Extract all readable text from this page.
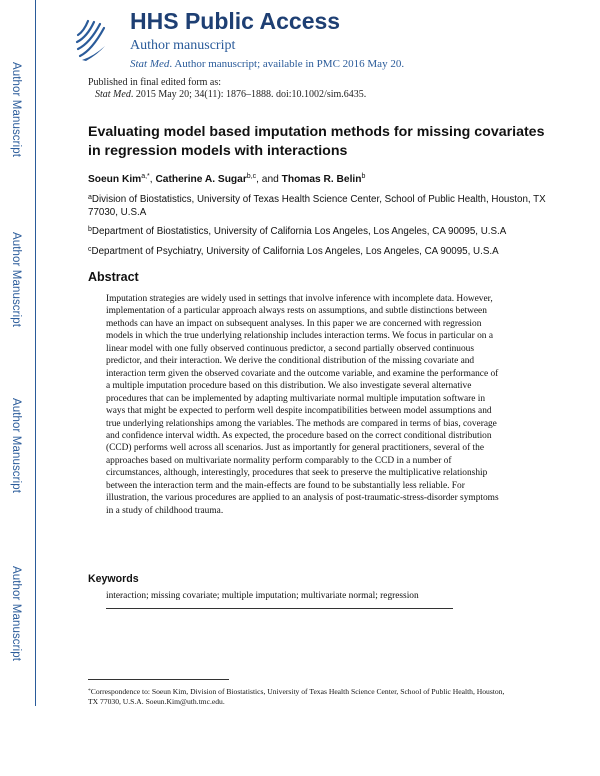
Author Manuscript
Author Manuscript
Author Manuscript
Author Manuscript
HHS Public Access
Author manuscript
Stat Med. Author manuscript; available in PMC 2016 May 20.
Published in final edited form as:
Stat Med. 2015 May 20; 34(11): 1876–1888. doi:10.1002/sim.6435.
Evaluating model based imputation methods for missing covariates in regression models with interactions
Soeun Kim$^{a,*}$, Catherine A. Sugar$^{b,c}$, and Thomas R. Belin$^b$
$^a$Division of Biostatistics, University of Texas Health Science Center, School of Public Health, Houston, TX 77030, U.S.A
$^b$Department of Biostatistics, University of California Los Angeles, Los Angeles, CA 90095, U.S.A
$^c$Department of Psychiatry, University of California Los Angeles, Los Angeles, CA 90095, U.S.A
Abstract
Imputation strategies are widely used in settings that involve inference with incomplete data. However, implementation of a particular approach always rests on assumptions, and subtle distinctions between methods can have an impact on subsequent analyses. In this paper we are concerned with regression models in which the true underlying relationship includes interaction terms. We focus in particular on a linear model with one fully observed continuous predictor, a second partially observed continuous predictor, and their interaction. We derive the conditional distribution of the missing covariate and interaction term given the observed covariate and the outcome variable, and examine the performance of a multiple imputation procedure based on this distribution. We also investigate several alternative procedures that can be implemented by adapting multivariate normal multiple imputation software in ways that might be expected to perform well despite incompatibilities between model assumptions and true underlying relationships among the variables. The methods are compared in terms of bias, coverage and confidence interval width. As expected, the procedure based on the correct conditional distribution (CCD) performs well across all scenarios. Just as importantly for general practitioners, several of the approaches based on multivariate normality perform comparably to the CCD in a number of circumstances, although, interestingly, procedures that seek to preserve the multiplicative relationship between the interaction term and the main-effects are found to be substantially less reliable. For illustration, the various procedures are applied to an analysis of post-traumatic-stress-disorder symptoms in a study of childhood trauma.
Keywords
interaction; missing covariate; multiple imputation; multivariate normal; regression
*Correspondence to: Soeun Kim, Division of Biostatistics, University of Texas Health Science Center, School of Public Health, Houston, TX 77030, U.S.A. Soeun.Kim@uth.tmc.edu.
